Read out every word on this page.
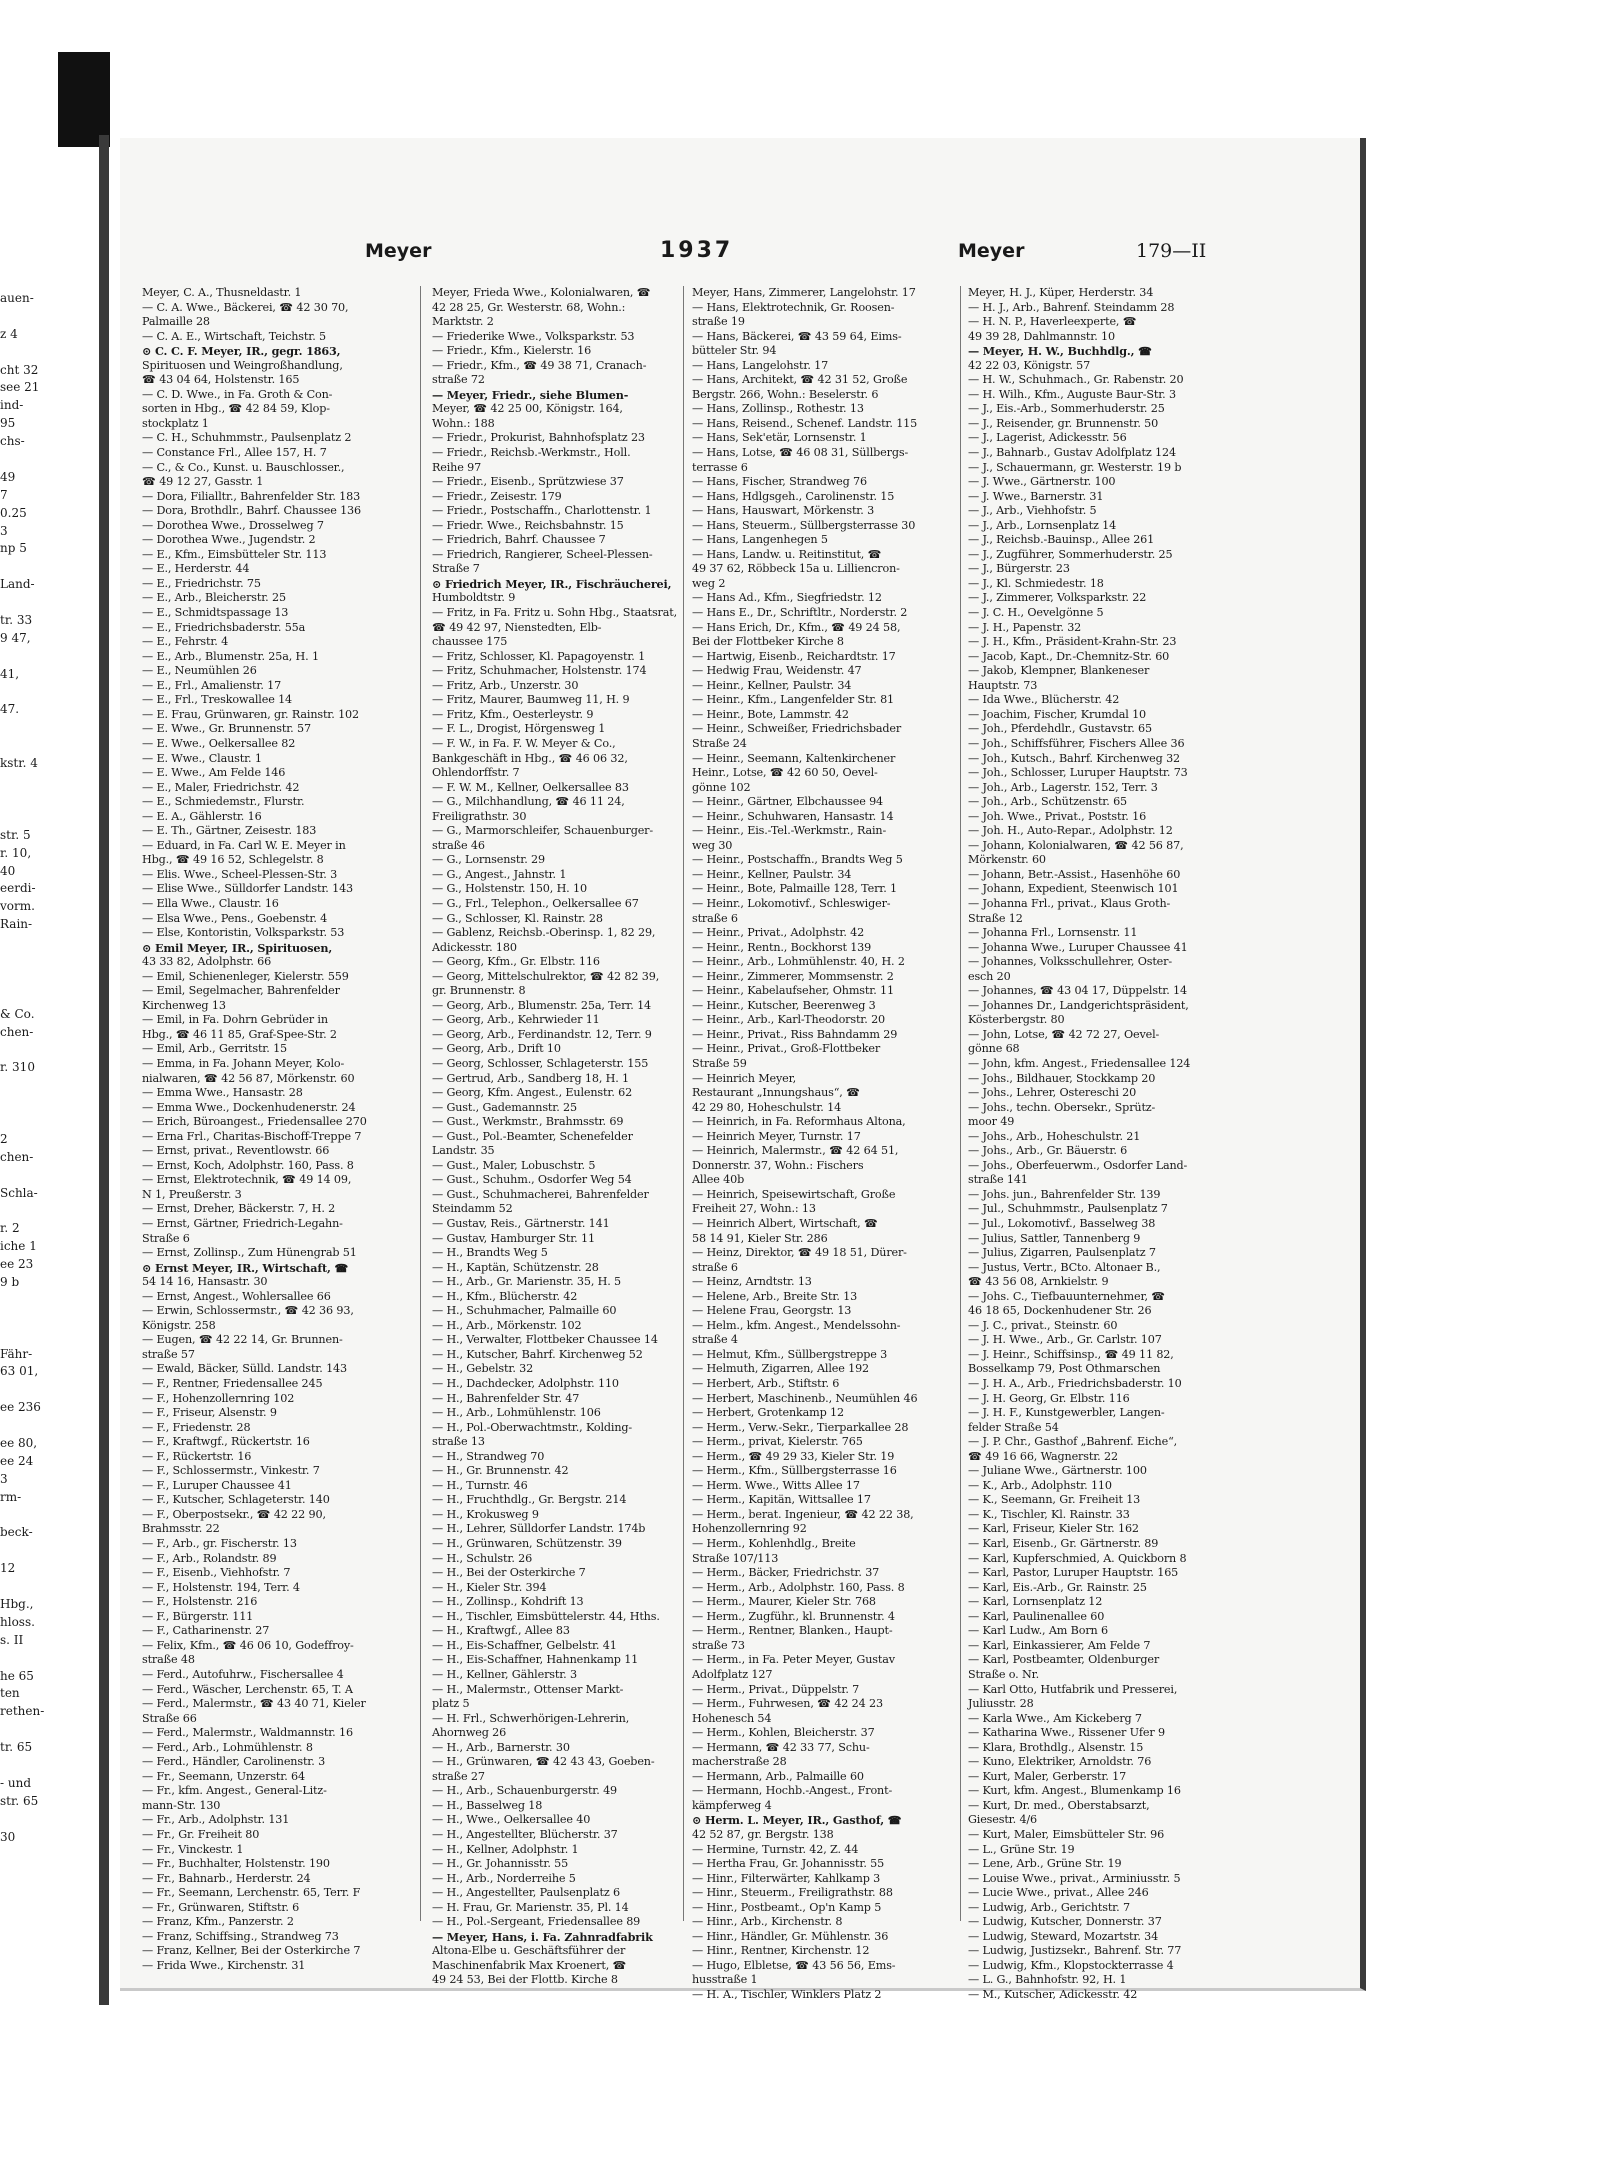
auen-
z 4
cht 32
see 21
ind-
95
chs-
49
7
0.25
3
np 5
Land-
tr. 33
9 47,
41,
47.
kstr. 4
str. 5
r. 10,
40
eerdi-
vorm.
Rain-
& Co.
chen-
r. 310
2
chen-
Schla-
r. 2
iche 1
ee 23
9 b
Fähr-
63 01,
ee 236
ee 80,
ee 24
3
rm-
beck-
12
Hbg.,
hloss.
s. II
he 65
ten
rethen-
tr. 65
- und
str. 65
30
Meyer	1937	Meyer	179—II
Meyer, C. A., Thusneldastr. 1
— C. A. Wwe., Bäckerei, ☎ 42 30 70,
Palmaille 28
— C. A. E., Wirtschaft, Teichstr. 5
⊙ C. C. F. Meyer, IR., gegr. 1863,
Spirituosen und Weingroßhandlung,
☎ 43 04 64, Holstenstr. 165
— C. D. Wwe., in Fa. Groth & Con-
sorten in Hbg., ☎ 42 84 59, Klop-
stockplatz 1
— C. H., Schuhmmstr., Paulsenplatz 2
— Constance Frl., Allee 157, H. 7
— C., & Co., Kunst. u. Bauschlosser.,
☎ 49 12 27, Gasstr. 1
— Dora, Filialltr., Bahrenfelder Str. 183
— Dora, Brothdlr., Bahrf. Chaussee 136
— Dorothea Wwe., Drosselweg 7
— Dorothea Wwe., Jugendstr. 2
— E., Kfm., Eimsbütteler Str. 113
— E., Herderstr. 44
— E., Friedrichstr. 75
— E., Arb., Bleicherstr. 25
— E., Schmidtspassage 13
— E., Friedrichsbaderstr. 55a
— E., Fehrstr. 4
— E., Arb., Blumenstr. 25a, H. 1
— E., Neumühlen 26
— E., Frl., Amalienstr. 17
— E., Frl., Treskowallee 14
— E. Frau, Grünwaren, gr. Rainstr. 102
— E. Wwe., Gr. Brunnenstr. 57
— E. Wwe., Oelkersallee 82
— E. Wwe., Claustr. 1
— E. Wwe., Am Felde 146
— E., Maler, Friedrichstr. 42
— E., Schmiedemstr., Flurstr.
— E. A., Gählerstr. 16
— E. Th., Gärtner, Zeisestr. 183
— Eduard, in Fa. Carl W. E. Meyer in
Hbg., ☎ 49 16 52, Schlegelstr. 8
— Elis. Wwe., Scheel-Plessen-Str. 3
— Elise Wwe., Sülldorfer Landstr. 143
— Ella Wwe., Claustr. 16
— Elsa Wwe., Pens., Goebenstr. 4
— Else, Kontoristin, Volksparkstr. 53
⊙ Emil Meyer, IR., Spirituosen,
43 33 82, Adolphstr. 66
— Emil, Schienenleger, Kielerstr. 559
— Emil, Segelmacher, Bahrenfelder
Kirchenweg 13
— Emil, in Fa. Dohrn Gebrüder in
Hbg., ☎ 46 11 85, Graf-Spee-Str. 2
— Emil, Arb., Gerritstr. 15
— Emma, in Fa. Johann Meyer, Kolo-
nialwaren, ☎ 42 56 87, Mörkenstr. 60
— Emma Wwe., Hansastr. 28
— Emma Wwe., Dockenhudenerstr. 24
— Erich, Büroangest., Friedensallee 270
— Erna Frl., Charitas-Bischoff-Treppe 7
— Ernst, privat., Reventlowstr. 66
— Ernst, Koch, Adolphstr. 160, Pass. 8
— Ernst, Elektrotechnik, ☎ 49 14 09,
N 1, Preußerstr. 3
— Ernst, Dreher, Bäckerstr. 7, H. 2
— Ernst, Gärtner, Friedrich-Legahn-
Straße 6
— Ernst, Zollinsp., Zum Hünengrab 51
⊙ Ernst Meyer, IR., Wirtschaft, ☎
54 14 16, Hansastr. 30
— Ernst, Angest., Wohlersallee 66
— Erwin, Schlossermstr., ☎ 42 36 93,
Königstr. 258
— Eugen, ☎ 42 22 14, Gr. Brunnen-
straße 57
— Ewald, Bäcker, Sülld. Landstr. 143
— F., Rentner, Friedensallee 245
— F., Hohenzollernring 102
— F., Friseur, Alsenstr. 9
— F., Friedenstr. 28
— F., Kraftwgf., Rückertstr. 16
— F., Rückertstr. 16
— F., Schlossermstr., Vinkestr. 7
— F., Luruper Chaussee 41
— F., Kutscher, Schlageterstr. 140
— F., Oberpostsekr., ☎ 42 22 90,
Brahmsstr. 22
— F., Arb., gr. Fischerstr. 13
— F., Arb., Rolandstr. 89
— F., Eisenb., Viehhofstr. 7
— F., Holstenstr. 194, Terr. 4
— F., Holstenstr. 216
— F., Bürgerstr. 111
— F., Catharinenstr. 27
— Felix, Kfm., ☎ 46 06 10, Godeffroy-
straße 48
— Ferd., Autofuhrw., Fischersallee 4
— Ferd., Wäscher, Lerchenstr. 65, T. A
— Ferd., Malermstr., ☎ 43 40 71, Kieler
Straße 66
— Ferd., Malermstr., Waldmannstr. 16
— Ferd., Arb., Lohmühlenstr. 8
— Ferd., Händler, Carolinenstr. 3
— Fr., Seemann, Unzerstr. 64
— Fr., kfm. Angest., General-Litz-
mann-Str. 130
— Fr., Arb., Adolphstr. 131
— Fr., Gr. Freiheit 80
— Fr., Vinckestr. 1
— Fr., Buchhalter, Holstenstr. 190
— Fr., Bahnarb., Herderstr. 24
— Fr., Seemann, Lerchenstr. 65, Terr. F
— Fr., Grünwaren, Stiftstr. 6
— Franz, Kfm., Panzerstr. 2
— Franz, Schiffsing., Strandweg 73
— Franz, Kellner, Bei der Osterkirche 7
— Frida Wwe., Kirchenstr. 31
Meyer, Frieda Wwe., Kolonialwaren, ☎
42 28 25, Gr. Westerstr. 68, Wohn.:
Marktstr. 2
— Friederike Wwe., Volksparkstr. 53
— Friedr., Kfm., Kielerstr. 16
— Friedr., Kfm., ☎ 49 38 71, Cranach-
straße 72
— Meyer, Friedr., siehe Blumen-
Meyer, ☎ 42 25 00, Königstr. 164,
Wohn.: 188
— Friedr., Prokurist, Bahnhofsplatz 23
— Friedr., Reichsb.-Werkmstr., Holl.
Reihe 97
— Friedr., Eisenb., Sprützwiese 37
— Friedr., Zeisestr. 179
— Friedr., Postschaffn., Charlottenstr. 1
— Friedr. Wwe., Reichsbahnstr. 15
— Friedrich, Bahrf. Chaussee 7
— Friedrich, Rangierer, Scheel-Plessen-
Straße 7
⊙ Friedrich Meyer, IR., Fischräucherei,
Humboldtstr. 9
— Fritz, in Fa. Fritz u. Sohn Hbg., Staatsrat,
☎ 49 42 97, Nienstedten, Elb-
chaussee 175
— Fritz, Schlosser, Kl. Papagoyenstr. 1
— Fritz, Schuhmacher, Holstenstr. 174
— Fritz, Arb., Unzerstr. 30
— Fritz, Maurer, Baumweg 11, H. 9
— Fritz, Kfm., Oesterleystr. 9
— F. L., Drogist, Hörgensweg 1
— F. W., in Fa. F. W. Meyer & Co.,
Bankgeschäft in Hbg., ☎ 46 06 32,
Ohlendorffstr. 7
— F. W. M., Kellner, Oelkersallee 83
— G., Milchhandlung, ☎ 46 11 24,
Freiligrathstr. 30
— G., Marmorschleifer, Schauenburger-
straße 46
— G., Lornsenstr. 29
— G., Angest., Jahnstr. 1
— G., Holstenstr. 150, H. 10
— G., Frl., Telephon., Oelkersallee 67
— G., Schlosser, Kl. Rainstr. 28
— Gablenz, Reichsb.-Oberinsp. 1, 82 29,
Adickesstr. 180
— Georg, Kfm., Gr. Elbstr. 116
— Georg, Mittelschulrektor, ☎ 42 82 39,
gr. Brunnenstr. 8
— Georg, Arb., Blumenstr. 25a, Terr. 14
— Georg, Arb., Kehrwieder 11
— Georg, Arb., Ferdinandstr. 12, Terr. 9
— Georg, Arb., Drift 10
— Georg, Schlosser, Schlageterstr. 155
— Gertrud, Arb., Sandberg 18, H. 1
— Georg, Kfm. Angest., Eulenstr. 62
— Gust., Gademannstr. 25
— Gust., Werkmstr., Brahmsstr. 69
— Gust., Pol.-Beamter, Schenefelder
Landstr. 35
— Gust., Maler, Lobuschstr. 5
— Gust., Schuhm., Osdorfer Weg 54
— Gust., Schuhmacherei, Bahrenfelder
Steindamm 52
— Gustav, Reis., Gärtnerstr. 141
— Gustav, Hamburger Str. 11
— H., Brandts Weg 5
— H., Kaptän, Schützenstr. 28
— H., Arb., Gr. Marienstr. 35, H. 5
— H., Kfm., Blücherstr. 42
— H., Schuhmacher, Palmaille 60
— H., Arb., Mörkenstr. 102
— H., Verwalter, Flottbeker Chaussee 14
— H., Kutscher, Bahrf. Kirchenweg 52
— H., Gebelstr. 32
— H., Dachdecker, Adolphstr. 110
— H., Bahrenfelder Str. 47
— H., Arb., Lohmühlenstr. 106
— H., Pol.-Oberwachtmstr., Kolding-
straße 13
— H., Strandweg 70
— H., Gr. Brunnenstr. 42
— H., Turnstr. 46
— H., Fruchthdlg., Gr. Bergstr. 214
— H., Krokusweg 9
— H., Lehrer, Sülldorfer Landstr. 174b
— H., Grünwaren, Schützenstr. 39
— H., Schulstr. 26
— H., Bei der Osterkirche 7
— H., Kieler Str. 394
— H., Zollinsp., Kohdrift 13
— H., Tischler, Eimsbüttelerstr. 44, Hths.
— H., Kraftwgf., Allee 83
— H., Eis-Schaffner, Gelbelstr. 41
— H., Eis-Schaffner, Hahnenkamp 11
— H., Kellner, Gählerstr. 3
— H., Malermstr., Ottenser Markt-
platz 5
— H. Frl., Schwerhörigen-Lehrerin,
Ahornweg 26
— H., Arb., Barnerstr. 30
— H., Grünwaren, ☎ 42 43 43, Goeben-
straße 27
— H., Arb., Schauenburgerstr. 49
— H., Basselweg 18
— H., Wwe., Oelkersallee 40
— H., Angestellter, Blücherstr. 37
— H., Kellner, Adolphstr. 1
— H., Gr. Johannisstr. 55
— H., Arb., Norderreihe 5
— H., Angestellter, Paulsenplatz 6
— H. Frau, Gr. Marienstr. 35, Pl. 14
— H., Pol.-Sergeant, Friedensallee 89
— Meyer, Hans, i. Fa. Zahnradfabrik
Altona-Elbe u. Geschäftsführer der
Maschinenfabrik Max Kroenert, ☎
49 24 53, Bei der Flottb. Kirche 8
Meyer, Hans, Zimmerer, Langelohstr. 17
— Hans, Elektrotechnik, Gr. Roosen-
straße 19
— Hans, Bäckerei, ☎ 43 59 64, Eims-
bütteler Str. 94
— Hans, Langelohstr. 17
— Hans, Architekt, ☎ 42 31 52, Große
Bergstr. 266, Wohn.: Beselerstr. 6
— Hans, Zollinsp., Rothestr. 13
— Hans, Reisend., Schenef. Landstr. 115
— Hans, Sek'etär, Lornsenstr. 1
— Hans, Lotse, ☎ 46 08 31, Süllbergs-
terrasse 6
— Hans, Fischer, Strandweg 76
— Hans, Hdlgsgeh., Carolinenstr. 15
— Hans, Hauswart, Mörkenstr. 3
— Hans, Steuerm., Süllbergsterrasse 30
— Hans, Langenhegen 5
— Hans, Landw. u. Reitinstitut, ☎
49 37 62, Röbbeck 15a u. Lilliencron-
weg 2
— Hans Ad., Kfm., Siegfriedstr. 12
— Hans E., Dr., Schriftltr., Norderstr. 2
— Hans Erich, Dr., Kfm., ☎ 49 24 58,
Bei der Flottbeker Kirche 8
— Hartwig, Eisenb., Reichardtstr. 17
— Hedwig Frau, Weidenstr. 47
— Heinr., Kellner, Paulstr. 34
— Heinr., Kfm., Langenfelder Str. 81
— Heinr., Bote, Lammstr. 42
— Heinr., Schweißer, Friedrichsbader
Straße 24
— Heinr., Seemann, Kaltenkirchener
Heinr., Lotse, ☎ 42 60 50, Oevel-
gönne 102
— Heinr., Gärtner, Elbchaussee 94
— Heinr., Schuhwaren, Hansastr. 14
— Heinr., Eis.-Tel.-Werkmstr., Rain-
weg 30
— Heinr., Postschaffn., Brandts Weg 5
— Heinr., Kellner, Paulstr. 34
— Heinr., Bote, Palmaille 128, Terr. 1
— Heinr., Lokomotivf., Schleswiger-
straße 6
— Heinr., Privat., Adolphstr. 42
— Heinr., Rentn., Bockhorst 139
— Heinr., Arb., Lohmühlenstr. 40, H. 2
— Heinr., Zimmerer, Mommsenstr. 2
— Heinr., Kabelaufseher, Ohmstr. 11
— Heinr., Kutscher, Beerenweg 3
— Heinr., Arb., Karl-Theodorstr. 20
— Heinr., Privat., Riss Bahndamm 29
— Heinr., Privat., Groß-Flottbeker
Straße 59
— Heinrich Meyer,
Restaurant „Innungshaus“, ☎
42 29 80, Hoheschulstr. 14
— Heinrich, in Fa. Reformhaus Altona,
— Heinrich Meyer, Turnstr. 17
— Heinrich, Malermstr., ☎ 42 64 51,
Donnerstr. 37, Wohn.: Fischers
Allee 40b
— Heinrich, Speisewirtschaft, Große
Freiheit 27, Wohn.: 13
— Heinrich Albert, Wirtschaft, ☎
58 14 91, Kieler Str. 286
— Heinz, Direktor, ☎ 49 18 51, Dürer-
straße 6
— Heinz, Arndtstr. 13
— Helene, Arb., Breite Str. 13
— Helene Frau, Georgstr. 13
— Helm., kfm. Angest., Mendelssohn-
straße 4
— Helmut, Kfm., Süllbergstreppe 3
— Helmuth, Zigarren, Allee 192
— Herbert, Arb., Stiftstr. 6
— Herbert, Maschinenb., Neumühlen 46
— Herbert, Grotenkamp 12
— Herm., Verw.-Sekr., Tierparkallee 28
— Herm., privat, Kielerstr. 765
— Herm., ☎ 49 29 33, Kieler Str. 19
— Herm., Kfm., Süllbergsterrasse 16
— Herm. Wwe., Witts Allee 17
— Herm., Kapitän, Wittsallee 17
— Herm., berat. Ingenieur, ☎ 42 22 38,
Hohenzollernring 92
— Herm., Kohlenhdlg., Breite
Straße 107/113
— Herm., Bäcker, Friedrichstr. 37
— Herm., Arb., Adolphstr. 160, Pass. 8
— Herm., Maurer, Kieler Str. 768
— Herm., Zugführ., kl. Brunnenstr. 4
— Herm., Rentner, Blanken., Haupt-
straße 73
— Herm., in Fa. Peter Meyer, Gustav
Adolfplatz 127
— Herm., Privat., Düppelstr. 7
— Herm., Fuhrwesen, ☎ 42 24 23
Hohenesch 54
— Herm., Kohlen, Bleicherstr. 37
— Hermann, ☎ 42 33 77, Schu-
macherstraße 28
— Hermann, Arb., Palmaille 60
— Hermann, Hochb.-Angest., Front-
kämpferweg 4
⊙ Herm. L. Meyer, IR., Gasthof, ☎
42 52 87, gr. Bergstr. 138
— Hermine, Turnstr. 42, Z. 44
— Hertha Frau, Gr. Johannisstr. 55
— Hinr., Filterwärter, Kahlkamp 3
— Hinr., Steuerm., Freiligrathstr. 88
— Hinr., Postbeamt., Op'n Kamp 5
— Hinr., Arb., Kirchenstr. 8
— Hinr., Händler, Gr. Mühlenstr. 36
— Hinr., Rentner, Kirchenstr. 12
— Hugo, Elbletse, ☎ 43 56 56, Ems-
husstraße 1
— H. A., Tischler, Winklers Platz 2
Meyer, H. J., Küper, Herderstr. 34
— H. J., Arb., Bahrenf. Steindamm 28
— H. N. P., Haverleexperte, ☎
49 39 28, Dahlmannstr. 10
— Meyer, H. W., Buchhdlg., ☎
42 22 03, Königstr. 57
— H. W., Schuhmach., Gr. Rabenstr. 20
— H. Wilh., Kfm., Auguste Baur-Str. 3
— J., Eis.-Arb., Sommerhuderstr. 25
— J., Reisender, gr. Brunnenstr. 50
— J., Lagerist, Adickesstr. 56
— J., Bahnarb., Gustav Adolfplatz 124
— J., Schauermann, gr. Westerstr. 19 b
— J. Wwe., Gärtnerstr. 100
— J. Wwe., Barnerstr. 31
— J., Arb., Viehhofstr. 5
— J., Arb., Lornsenplatz 14
— J., Reichsb.-Bauinsp., Allee 261
— J., Zugführer, Sommerhuderstr. 25
— J., Bürgerstr. 23
— J., Kl. Schmiedestr. 18
— J., Zimmerer, Volksparkstr. 22
— J. C. H., Oevelgönne 5
— J. H., Papenstr. 32
— J. H., Kfm., Präsident-Krahn-Str. 23
— Jacob, Kapt., Dr.-Chemnitz-Str. 60
— Jakob, Klempner, Blankeneser
Hauptstr. 73
— Ida Wwe., Blücherstr. 42
— Joachim, Fischer, Krumdal 10
— Joh., Pferdehdlr., Gustavstr. 65
— Joh., Schiffsführer, Fischers Allee 36
— Joh., Kutsch., Bahrf. Kirchenweg 32
— Joh., Schlosser, Luruper Hauptstr. 73
— Joh., Arb., Lagerstr. 152, Terr. 3
— Joh., Arb., Schützenstr. 65
— Joh. Wwe., Privat., Poststr. 16
— Joh. H., Auto-Repar., Adolphstr. 12
— Johann, Kolonialwaren, ☎ 42 56 87,
Mörkenstr. 60
— Johann, Betr.-Assist., Hasenhöhe 60
— Johann, Expedient, Steenwisch 101
— Johanna Frl., privat., Klaus Groth-
Straße 12
— Johanna Frl., Lornsenstr. 11
— Johanna Wwe., Luruper Chaussee 41
— Johannes, Volksschullehrer, Oster-
esch 20
— Johannes, ☎ 43 04 17, Düppelstr. 14
— Johannes Dr., Landgerichtspräsident,
Kösterbergstr. 80
— John, Lotse, ☎ 42 72 27, Oevel-
gönne 68
— John, kfm. Angest., Friedensallee 124
— Johs., Bildhauer, Stockkamp 20
— Johs., Lehrer, Ostereschi 20
— Johs., techn. Obersekr., Sprütz-
moor 49
— Johs., Arb., Hoheschulstr. 21
— Johs., Arb., Gr. Bäuerstr. 6
— Johs., Oberfeuerwm., Osdorfer Land-
straße 141
— Johs. jun., Bahrenfelder Str. 139
— Jul., Schuhmmstr., Paulsenplatz 7
— Jul., Lokomotivf., Basselweg 38
— Julius, Sattler, Tannenberg 9
— Julius, Zigarren, Paulsenplatz 7
— Justus, Vertr., BCto. Altonaer B.,
☎ 43 56 08, Arnkielstr. 9
— Johs. C., Tiefbauunternehmer, ☎
46 18 65, Dockenhudener Str. 26
— J. C., privat., Steinstr. 60
— J. H. Wwe., Arb., Gr. Carlstr. 107
— J. Heinr., Schiffsinsp., ☎ 49 11 82,
Bosselkamp 79, Post Othmarschen
— J. H. A., Arb., Friedrichsbaderstr. 10
— J. H. Georg, Gr. Elbstr. 116
— J. H. F., Kunstgewerbler, Langen-
felder Straße 54
— J. P. Chr., Gasthof „Bahrenf. Eiche“,
☎ 49 16 66, Wagnerstr. 22
— Juliane Wwe., Gärtnerstr. 100
— K., Arb., Adolphstr. 110
— K., Seemann, Gr. Freiheit 13
— K., Tischler, Kl. Rainstr. 33
— Karl, Friseur, Kieler Str. 162
— Karl, Eisenb., Gr. Gärtnerstr. 89
— Karl, Kupferschmied, A. Quickborn 8
— Karl, Pastor, Luruper Hauptstr. 165
— Karl, Eis.-Arb., Gr. Rainstr. 25
— Karl, Lornsenplatz 12
— Karl, Paulinenallee 60
— Karl Ludw., Am Born 6
— Karl, Einkassierer, Am Felde 7
— Karl, Postbeamter, Oldenburger
Straße o. Nr.
— Karl Otto, Hutfabrik und Presserei,
Juliusstr. 28
— Karla Wwe., Am Kickeberg 7
— Katharina Wwe., Rissener Ufer 9
— Klara, Brothdlg., Alsenstr. 15
— Kuno, Elektriker, Arnoldstr. 76
— Kurt, Maler, Gerberstr. 17
— Kurt, kfm. Angest., Blumenkamp 16
— Kurt, Dr. med., Oberstabsarzt,
Giesestr. 4/6
— Kurt, Maler, Eimsbütteler Str. 96
— L., Grüne Str. 19
— Lene, Arb., Grüne Str. 19
— Louise Wwe., privat., Arminiusstr. 5
— Lucie Wwe., privat., Allee 246
— Ludwig, Arb., Gerichtstr. 7
— Ludwig, Kutscher, Donnerstr. 37
— Ludwig, Steward, Mozartstr. 34
— Ludwig, Justizsekr., Bahrenf. Str. 77
— Ludwig, Kfm., Klopstockterrasse 4
— L. G., Bahnhofstr. 92, H. 1
— M., Kutscher, Adickesstr. 42
